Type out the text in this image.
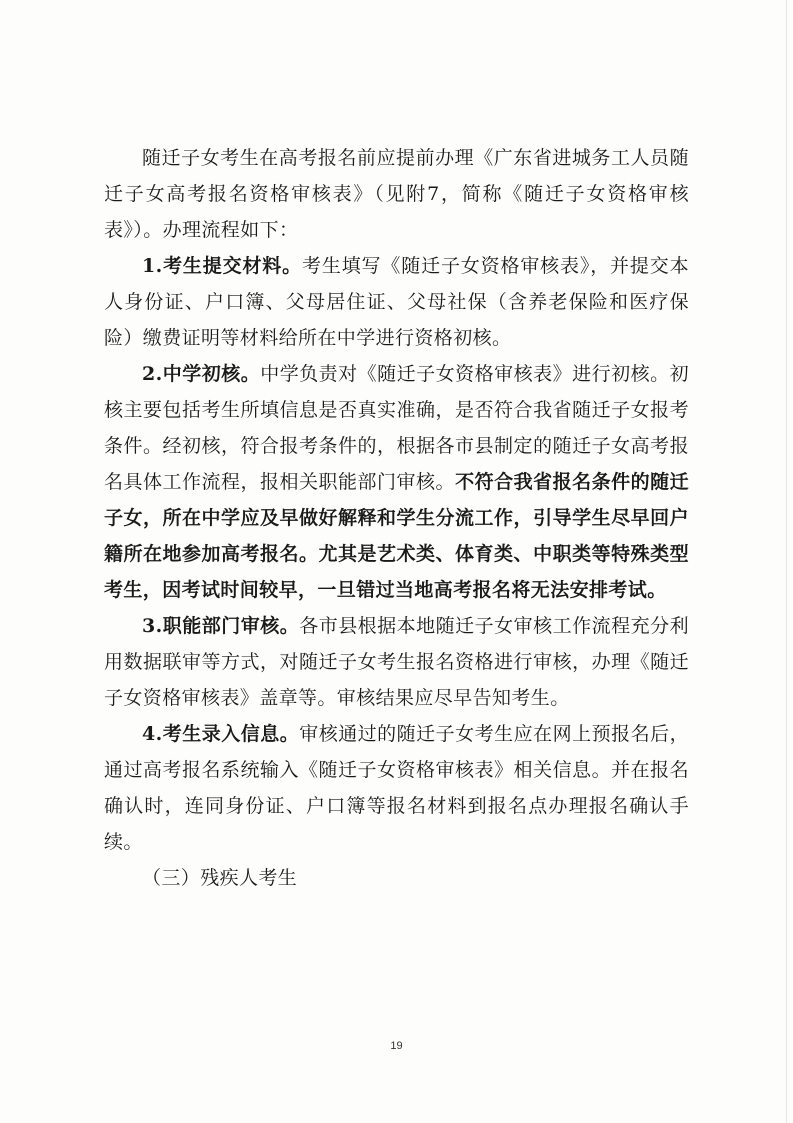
随迁子女考生在高考报名前应提前办理《广东省进城务工人员随迁子女高考报名资格审核表》（见附7，简称《随迁子女资格审核表》）。办理流程如下：

1.考生提交材料。考生填写《随迁子女资格审核表》，并提交本人身份证、户口簿、父母居住证、父母社保（含养老保险和医疗保险）缴费证明等材料给所在中学进行资格初核。

2.中学初核。中学负责对《随迁子女资格审核表》进行初核。初核主要包括考生所填信息是否真实准确，是否符合我省随迁子女报考条件。经初核，符合报考条件的，根据各市县制定的随迁子女高考报名具体工作流程，报相关职能部门审核。不符合我省报名条件的随迁子女，所在中学应及早做好解释和学生分流工作，引导学生尽早回户籍所在地参加高考报名。尤其是艺术类、体育类、中职类等特殊类型考生，因考试时间较早，一旦错过当地高考报名将无法安排考试。

3.职能部门审核。各市县根据本地随迁子女审核工作流程充分利用数据联审等方式，对随迁子女考生报名资格进行审核，办理《随迁子女资格审核表》盖章等。审核结果应尽早告知考生。

4.考生录入信息。审核通过的随迁子女考生应在网上预报名后，通过高考报名系统输入《随迁子女资格审核表》相关信息。并在报名确认时，连同身份证、户口簿等报名材料到报名点办理报名确认手续。

（三）残疾人考生

19
